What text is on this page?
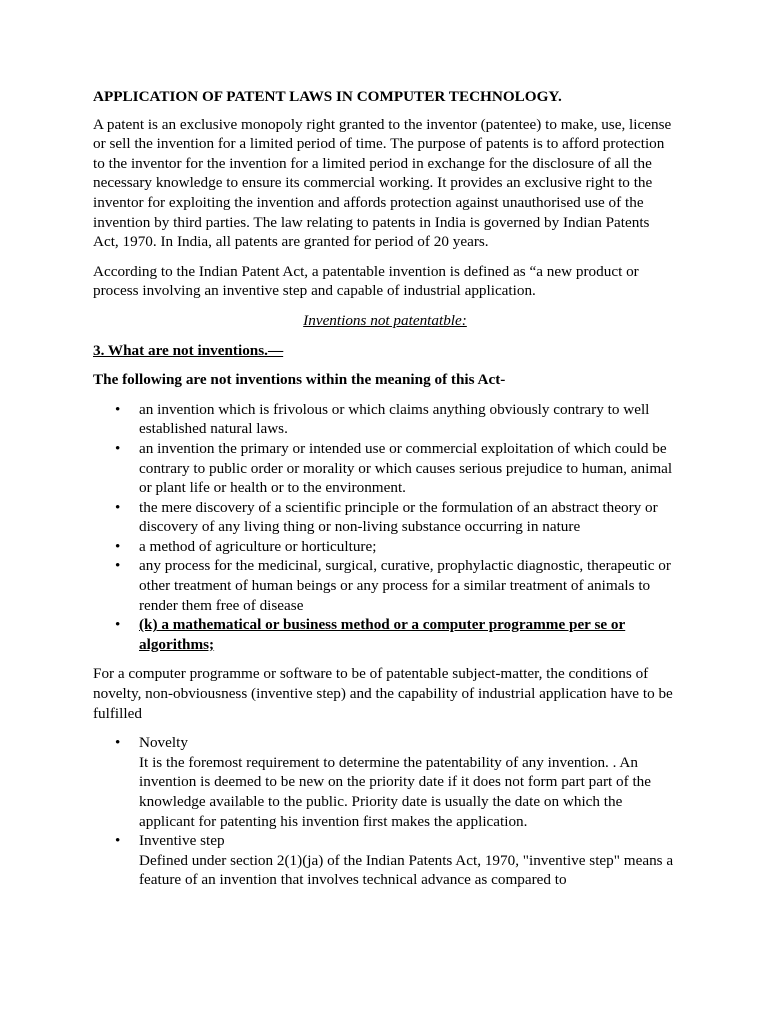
APPLICATION OF PATENT LAWS IN COMPUTER TECHNOLOGY.

A patent is an exclusive monopoly right granted to the inventor (patentee) to make, use, license or sell the invention for a limited period of time. The purpose of patents is to afford protection to the inventor for the invention for a limited period in exchange for the disclosure of all the necessary knowledge to ensure its commercial working. It provides an exclusive right to the inventor for exploiting the invention and affords protection against unauthorised use of the invention by third parties. The law relating to patents in India is governed by Indian Patents Act, 1970. In India, all patents are granted for period of 20 years.

According to the Indian Patent Act, a patentable invention is defined as “a new product or process involving an inventive step and capable of industrial application.

Inventions not patentatble:

3. What are not inventions.—

The following are not inventions within the meaning of this Act-

•
an invention which is frivolous or which claims anything obviously contrary to well established natural laws.
•
an invention the primary or intended use or commercial exploitation of which could be contrary to public order or morality or which causes serious prejudice to human, animal or plant life or health or to the environment.
•
the mere discovery of a scientific principle or the formulation of an abstract theory or discovery of any living thing or non-living substance occurring in nature
•
a method of agriculture or horticulture;
•
any process for the medicinal, surgical, curative, prophylactic diagnostic, therapeutic or other treatment of human beings or any process for a similar treatment of animals to render them free of disease
•
(k) a mathematical or business method or a computer programme per se or algorithms;

For a computer programme or software to be of patentable subject-matter, the conditions of novelty, non-obviousness (inventive step) and the capability of industrial application have to be fulfilled

•
Novelty
It is the foremost requirement to determine the patentability of any invention. . An invention is deemed to be new on the priority date if it does not form part part of the knowledge available to the public. Priority date is usually the date on which the applicant for patenting his invention first makes the application.
•
Inventive step
Defined under section 2(1)(ja) of the Indian Patents Act, 1970, "inventive step" means a feature of an invention that involves technical advance as compared to
